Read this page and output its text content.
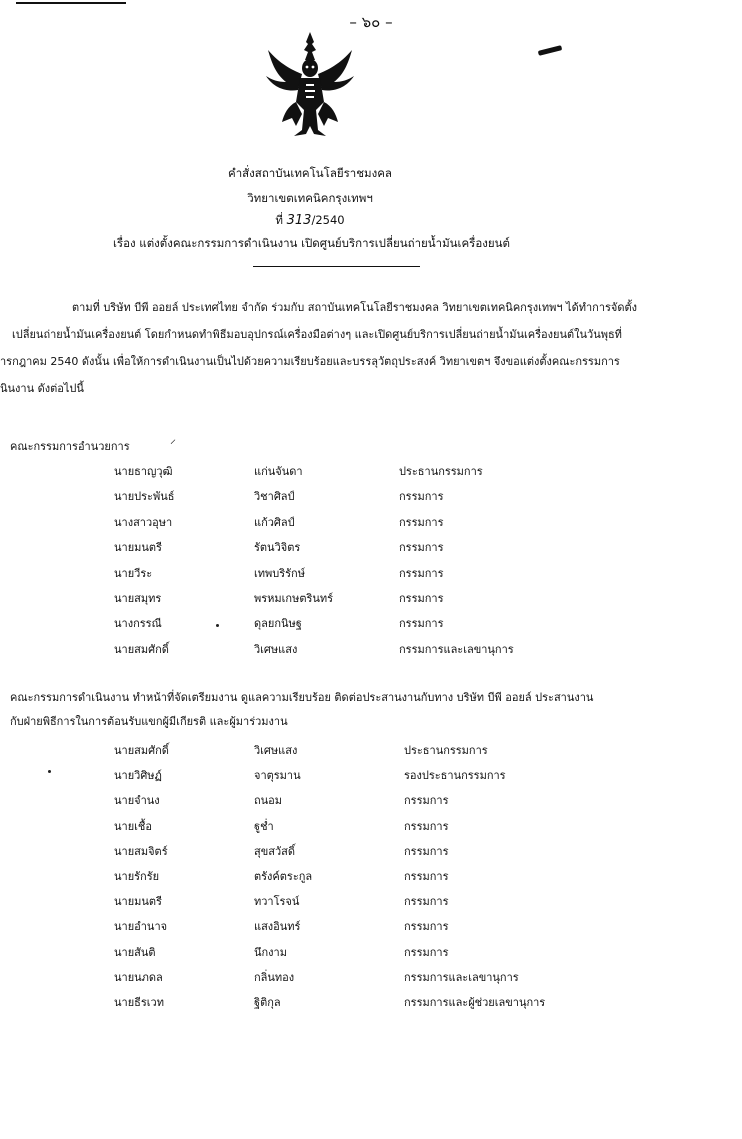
– ๖๐ –
คำสั่งสถาบันเทคโนโลยีราชมงคล
วิทยาเขตเทคนิคกรุงเทพฯ
ที่ 313/2540
เรื่อง แต่งตั้งคณะกรรมการดำเนินงาน เปิดศูนย์บริการเปลี่ยนถ่ายน้ำมันเครื่องยนต์
ตามที่ บริษัท บีพี ออยล์ ประเทศไทย จำกัด ร่วมกับ สถาบันเทคโนโลยีราชมงคล วิทยาเขตเทคนิคกรุงเทพฯ ได้ทำการจัดตั้ง
เปลี่ยนถ่ายน้ำมันเครื่องยนต์ โดยกำหนดทำพิธีมอบอุปกรณ์เครื่องมือต่างๆ และเปิดศูนย์บริการเปลี่ยนถ่ายน้ำมันเครื่องยนต์ในวันพุธที่
ารกฎาคม 2540 ดังนั้น เพื่อให้การดำเนินงานเป็นไปด้วยความเรียบร้อยและบรรลุวัตถุประสงค์ วิทยาเขตฯ จึงขอแต่งตั้งคณะกรรมการ
นินงาน ดังต่อไปนี้
คณะกรรมการอำนวยการ
⸝
นายธาญวุฒิ	แก่นจันดา	ประธานกรรมการ
นายประพันธ์	วิชาศิลป์	กรรมการ
นางสาวอุษา	แก้วศิลป์	กรรมการ
นายมนตรี	รัตนวิจิตร	กรรมการ
นายวีระ	เทพบริรักษ์	กรรมการ
นายสมุทร	พรหมเกษตรินทร์	กรรมการ
นางกรรณี	ดุลยกนิษฐ	กรรมการ
นายสมศักดิ์	วิเศษแสง	กรรมการและเลขานุการ
คณะกรรมการดำเนินงาน ทำหน้าที่จัดเตรียมงาน ดูแลความเรียบร้อย ติดต่อประสานงานกับทาง บริษัท บีพี ออยล์ ประสานงาน
กับฝ่ายพิธีการในการต้อนรับแขกผู้มีเกียรติ และผู้มาร่วมงาน
นายสมศักดิ์	วิเศษแสง	ประธานกรรมการ
นายวิศิษฏ์	จาตุรมาน	รองประธานกรรมการ
นายจำนง	ถนอม	กรรมการ
นายเชื้อ	ฐูช่ำ	กรรมการ
นายสมจิตร์	สุขสวัสดิ์	กรรมการ
นายรักรัย	ตรังค์ตระกูล	กรรมการ
นายมนตรี	ทวาโรจน์	กรรมการ
นายอำนาจ	แสงอินทร์	กรรมการ
นายสันติ	นึกงาม	กรรมการ
นายนภดล	กลิ่นทอง	กรรมการและเลขานุการ
นายธีรเวท	ฐิติกุล	กรรมการและผู้ช่วยเลขานุการ
